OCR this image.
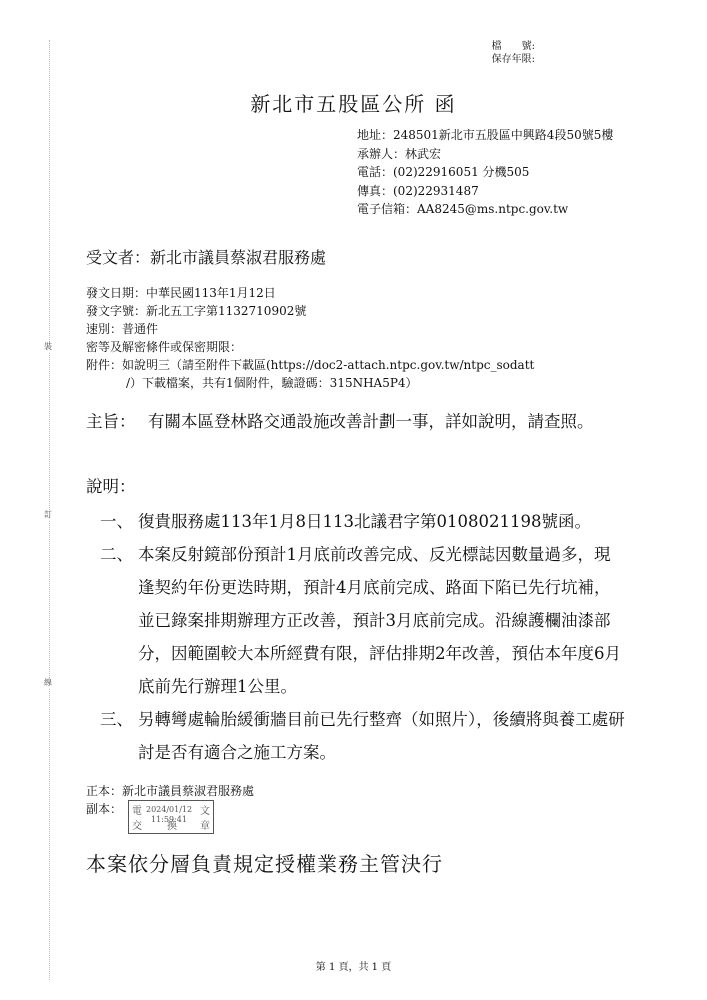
裝
訂
線
檔　　號:
保存年限:
新北市五股區公所 函
地址：248501新北市五股區中興路4段50號5樓
承辦人：林武宏
電話：(02)22916051 分機505
傳真：(02)22931487
電子信箱：AA8245@ms.ntpc.gov.tw
受文者：新北市議員蔡淑君服務處
發文日期：中華民國113年1月12日
發文字號：新北五工字第1132710902號
速別：普通件
密等及解密條件或保密期限：
附件：如說明三（請至附件下載區(https://doc2-attach.ntpc.gov.tw/ntpc_sodatt
/）下載檔案，共有1個附件，驗證碼：315NHA5P4）
主旨： 有關本區登林路交通設施改善計劃一事，詳如說明，請查照。
說明：
一、 復貴服務處113年1月8日113北議君字第0108021198號函。
二、 本案反射鏡部份預計1月底前改善完成、反光標誌因數量過多，現逢契約年份更迭時期，預計4月底前完成、路面下陷已先行坑補，並已錄案排期辦理方正改善，預計3月底前完成。沿線護欄油漆部分，因範圍較大本所經費有限，評估排期2年改善，預估本年度6月底前先行辦理1公里。
三、 另轉彎處輪胎緩衝牆目前已先行整齊（如照片），後續將與養工處研討是否有適合之施工方案。
正本：新北市議員蔡淑君服務處
副本： 電	文
交	換 章
2024/01/12
11:59:41
本案依分層負責規定授權業務主管決行
第 1 頁，共 1 頁
